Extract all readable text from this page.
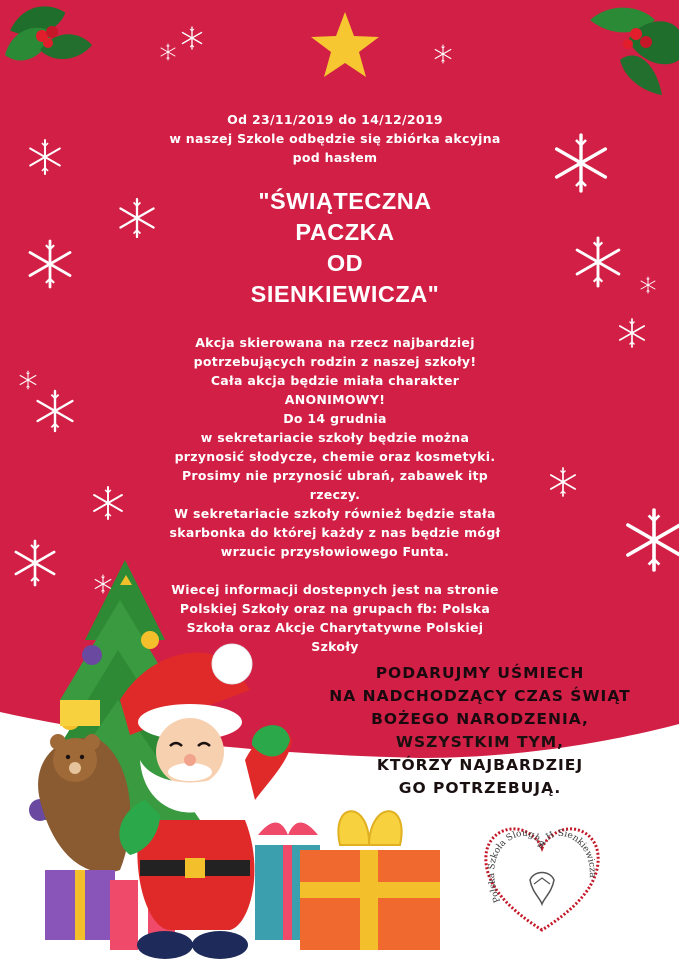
Od 23/11/2019 do 14/12/2019
w naszej Szkole odbędzie się zbiórka akcyjna
pod hasłem
"ŚWIĄTECZNA
PACZKA
OD
SIENKIEWICZA"
Akcja skierowana na rzecz najbardziej
potrzebujących rodzin z naszej szkoły!
Cała akcja będzie miała charakter
ANONIMOWY!
Do 14 grudnia
w sekretariacie szkoły będzie można
przynosić słodycze, chemie oraz kosmetyki.
Prosimy nie przynosić ubrań, zabawek itp
rzeczy.
W sekretariacie szkoły również będzie stała
skarbonka do której każdy z nas będzie mógł
wrzucic przysłowiowego Funta.
Wiecej informacji dostepnych jest na stronie
Polskiej Szkoły oraz na grupach fb: Polska
Szkoła oraz Akcje Charytatywne Polskiej
Szkoły
PODARUJMY UŚMIECH
NA NADCHODZĄCY CZAS ŚWIĄT
BOŻEGO NARODZENIA,
WSZYSTKIM TYM,
KTÓRZY NAJBARDZIEJ
GO POTRZEBUJĄ.
Polska Szkoła Slough im H Sienkiewicza
